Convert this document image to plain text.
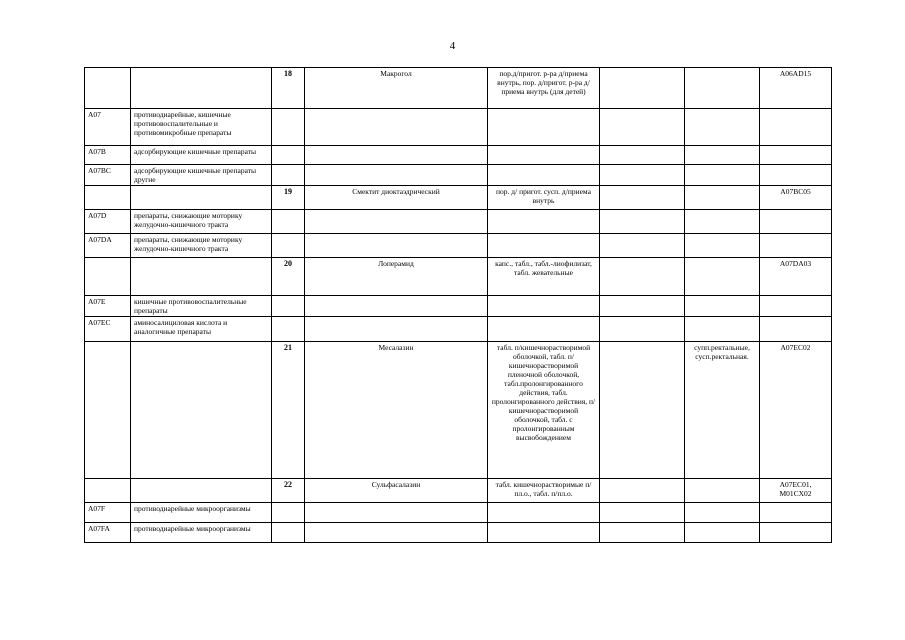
4
		18	Макрогол	пор.д/пригот. р-ра д/приема внутрь, пор. д/пригот. р-ра д/приема внутрь (для детей)			A06AD15
A07	противодиарейные, кишечные противовоспалительные и противомикробные препараты						
A07B	адсорбирующие кишечные препараты						
A07BC	адсорбирующие кишечные препараты другие						
		19	Смектит диоктаэдрический	пор. д/ пригот. сусп. д/приема внутрь			A07BC05
A07D	препараты, снижающие моторику желудочно-кишечного тракта						
A07DA	препараты, снижающие моторику желудочно-кишечного тракта						
		20	Лоперамид	капс., табл., табл.-лиофилизат, табл. жевательные			A07DA03
A07E	кишечные противовоспалительные препараты						
A07EC	аминосалициловая кислота и аналогичные препараты						
		21	Месалазин	табл. п/кишечнорастворимой оболочкой, табл. п/кишечнорастворимой пленочной оболочкой, табл.пролонгированного действия, табл. пролонгированного действия, п/кишечнорастворимой оболочкой, табл. с пролонгированным высвобождением		супп.ректальные, сусп.ректальная.	A07EC02
		22	Сульфасалазин	табл. кишечнорастворимые п/пл.о., табл. п/пл.о.			A07EC01, M01CX02
A07F	противодиарейные микроорганизмы						
A07FA	противодиарейные микроорганизмы						
